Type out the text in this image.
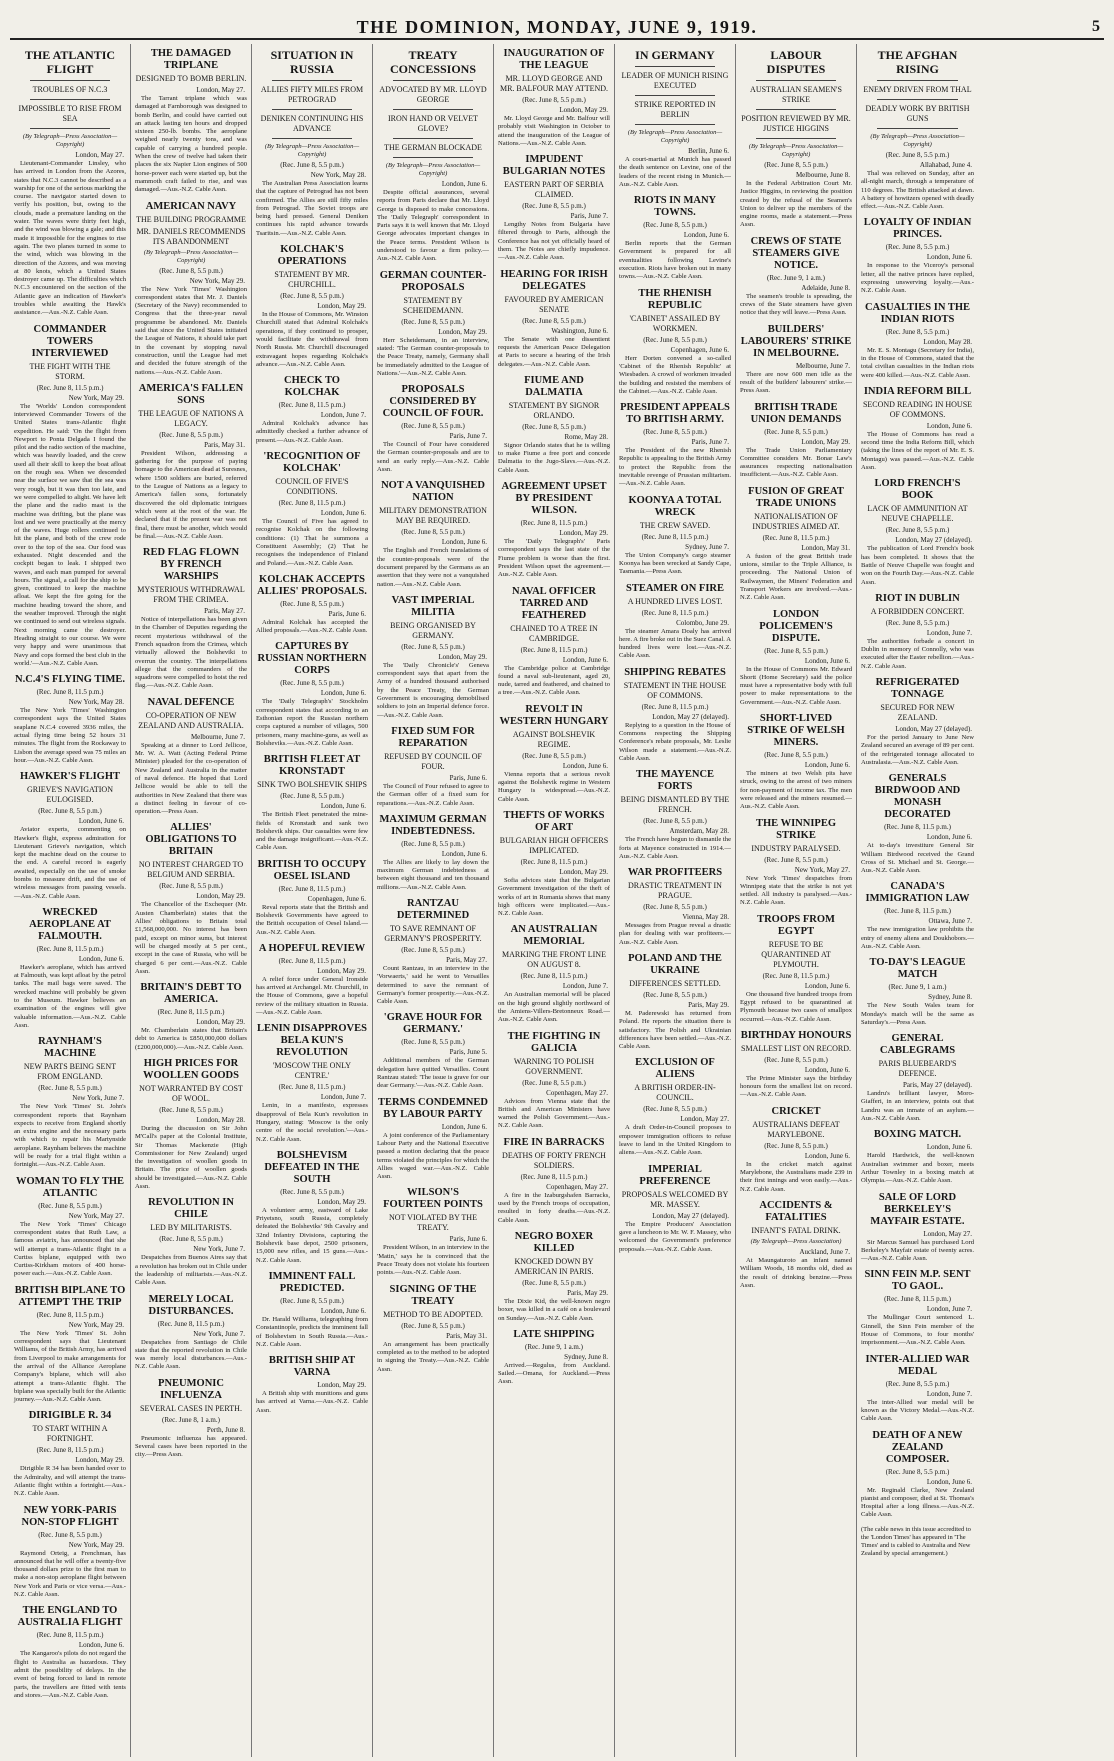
THE DOMINION, MONDAY, JUNE 9, 1919.	5
THE ATLANTIC FLIGHT
TROUBLES OF N.C.3
IMPOSSIBLE TO RISE FROM SEA
(By Telegraph—Press Association—Copyright)
London, May 27.

Lieutenant-Commander Linsley, who has arrived in London from the Azores, states that N.C.3 cannot be described as a warship for one of the serious marking the course. The navigator started down to verify his position, but, owing to the clouds, made a premature landing on the water. The waves were thirty feet high, and the wind was blowing a gale; and this made it impossible for the engines to rise again. The two planes turned in some to the wind, which was blowing in the direction of the Azores, and was moving at 80 knots, which a United States destroyer came up. The difficulties which N.C.3 encountered on the section of the Atlantic gave an indication of Hawker's troubles while awaiting the Hawk's assistance.—Aus.-N.Z. Cable Assn.

COMMANDER TOWERS INTERVIEWED
THE FIGHT WITH THE STORM.
(Rec. June 8, 11.5 p.m.)
New York, May 29.

The 'Worlds' London correspondent interviewed Commander Towers of the United States trans-Atlantic flight expedition. He said: 'On the flight from Newport to Ponta Delgada I found the pilot and the radio section of the machine, which was heavily loaded, and the crew used all their skill to keep the boat afloat on the rough sea. When we descended near the surface we saw that the sea was very rough, but it was then too late, and we were compelled to alight. We have left the plane and the radio mast is the machine was drifting, but the plane was lost and we were practically at the mercy of the waves. Huge rollers continued to hit the plane, and both of the crew rode over to the top of the sea. Our food was exhausted. Night descended and the cockpit began to leak. I shipped two waves, and each man pumped for several hours. The signal, a call for the ship to be given, continued to keep the machine afloat. We kept the fire going for the machine heading toward the shore, and the weather improved. Through the night we continued to send out wireless signals. Next morning came the destroyer. Heading straight to our course. We were very happy and were unanimous that Navy and cops formed the best club in the world.'—Aus.-N.Z. Cable Assn.

N.C.4'S FLYING TIME.
(Rec. June 8, 11.5 p.m.)
New York, May 28.

The New York 'Times' Washington correspondent says the United States seaplane N.C.4 covered 3936 miles, the actual flying time being 52 hours 31 minutes. The flight from the Rockaway to Lisbon the average speed was 75 miles an hour.—Aus.-N.Z. Cable Assn.

HAWKER'S FLIGHT
GRIEVE'S NAVIGATION EULOGISED.
(Rec. June 8, 5.5 p.m.)
London, June 6.

Aviator experts, commenting on Hawker's flight, express admiration for Lieutenant Grieve's navigation, which kept the machine dead on the course to the end. A careful record is eagerly awaited, especially on the use of smoke bombs to measure drift, and the use of wireless messages from passing vessels.—Aus.-N.Z. Cable Assn.

WRECKED AEROPLANE AT FALMOUTH.
(Rec. June 8, 11.5 p.m.)
London, June 6.

Hawker's aeroplane, which has arrived at Falmouth, was kept afloat by the petrol tanks. The mail bags were saved. The wrecked machine will probably be given to the Museum. Hawker believes an examination of the engines will give valuable information.—Aus.-N.Z. Cable Assn.

RAYNHAM'S MACHINE
NEW PARTS BEING SENT FROM ENGLAND.
(Rec. June 8, 5.5 p.m.)
New York, June 7.

The New York 'Times' St. John's correspondent reports that Raynham expects to receive from England shortly an extra engine and the necessary parts with which to repair his Martynside aeroplane. Raynham believes the machine will be ready for a trial flight within a fortnight.—Aus.-N.Z. Cable Assn.

WOMAN TO FLY THE ATLANTIC
(Rec. June 8, 5.5 p.m.)
New York, May 27.

The New York 'Times' Chicago correspondent states that Ruth Law, a famous aviatrix, has announced that she will attempt a trans-Atlantic flight in a Curtiss biplane, equipped with two Curtiss-Kirkham motors of 400 horse-power each.—Aus.-N.Z. Cable Assn.

BRITISH BIPLANE TO ATTEMPT THE TRIP
(Rec. June 8, 11.5 p.m.)
New York, May 29.

The New York 'Times' St. John correspondent says that Lieutenant Williams, of the British Army, has arrived from Liverpool to make arrangements for the arrival of the Alliance Aeroplane Company's biplane, which will also attempt a trans-Atlantic flight. The biplane was specially built for the Atlantic journey.—Aus.-N.Z. Cable Assn.

DIRIGIBLE R. 34
TO START WITHIN A FORTNIGHT.
(Rec. June 8, 11.5 p.m.)
London, May 29.

Dirigible R 34 has been handed over to the Admiralty, and will attempt the trans-Atlantic flight within a fortnight.—Aus.-N.Z. Cable Assn.

NEW YORK-PARIS NON-STOP FLIGHT
(Rec. June 8, 5.5 p.m.)
New York, May 29.

Raymond Orteig, a Frenchman, has announced that he will offer a twenty-five thousand dollars prize to the first man to make a non-stop aeroplane flight between New York and Paris or vice versa.—Aus.-N.Z. Cable Assn.

THE ENGLAND TO AUSTRALIA FLIGHT
(Rec. June 8, 11.5 p.m.)
London, June 6.

The Kangaroo's pilots do not regard the flight to Australia as hazardous. They admit the possibility of delays. In the event of being forced to land in remote parts, the travellers are fitted with tents and stores.—Aus.-N.Z. Cable Assn.

THE DAMAGED TRIPLANE
DESIGNED TO BOMB BERLIN.
London, May 27.

The Tarrant triplane which was damaged at Farnborough was designed to bomb Berlin, and could have carried out an attack lasting ten hours and dropped sixteen 250-lb. bombs. The aeroplane weighed nearly twenty tons, and was capable of carrying a hundred people. When the crew of twelve had taken their places the six Napier Lion engines of 500 horse-power each were started up, but the mammoth craft failed to rise, and was damaged.—Aus.-N.Z. Cable Assn.

AMERICAN NAVY
THE BUILDING PROGRAMME
MR. DANIELS RECOMMENDS ITS ABANDONMENT
(By Telegraph—Press Association—Copyright)
(Rec. June 8, 5.5 p.m.)
New York, May 29.

The New York 'Times' Washington correspondent states that Mr. J. Daniels (Secretary of the Navy) recommended to Congress that the three-year naval programme be abandoned. Mr. Daniels said that since the United States initiated the League of Nations, it should take part in the covenant by stopping naval construction, until the League had met and decided the future strength of the nations.—Aus.-N.Z. Cable Assn.

AMERICA'S FALLEN SONS
THE LEAGUE OF NATIONS A LEGACY.
(Rec. June 8, 5.5 p.m.)
Paris, May 31.

President Wilson, addressing a gathering for the purpose of paying homage to the American dead at Suresnes, where 1500 soldiers are buried, referred to the League of Nations as a legacy to America's fallen sons, fortunately discovered the old diplomatic intrigues which were at the root of the war. He declared that if the present war was not final, there must be another, which would be final.—Aus.-N.Z. Cable Assn.

RED FLAG FLOWN BY FRENCH WARSHIPS
MYSTERIOUS WITHDRAWAL FROM THE CRIMEA.
Paris, May 27.

Notice of interpellations has been given in the Chamber of Deputies regarding the recent mysterious withdrawal of the French squadron from the Crimea, which virtually allowed the Bolsheviki to overrun the country. The interpellations allege that the commanders of the squadrons were compelled to hoist the red flag.—Aus.-N.Z. Cable Assn.

NAVAL DEFENCE
CO-OPERATION OF NEW ZEALAND AND AUSTRALIA.
Melbourne, June 7.

Speaking at a dinner to Lord Jellicoe, Mr. W. A. Watt (Acting Federal Prime Minister) pleaded for the co-operation of New Zealand and Australia in the matter of naval defence. He hoped that Lord Jellicoe would be able to tell the authorities in New Zealand that there was a distinct feeling in favour of co-operation.—Press Assn.

ALLIES' OBLIGATIONS TO BRITAIN
NO INTEREST CHARGED TO BELGIUM AND SERBIA.
(Rec. June 8, 5.5 p.m.)
London, May 29.

The Chancellor of the Exchequer (Mr. Austen Chamberlain) states that the Allies' obligations to Britain total £1,568,000,000. No interest has been paid, except on minor sums, but interest will be charged mostly at 5 per cent., except in the case of Russia, who will be charged 6 per cent.—Aus.-N.Z. Cable Assn.

BRITAIN'S DEBT TO AMERICA.
(Rec. June 8, 11.5 p.m.)
London, May 29.

Mr. Chamberlain states that Britain's debt to America is £850,000,000 dollars (£200,000,000).—Aus.-N.Z. Cable Assn.

HIGH PRICES FOR WOOLLEN GOODS
NOT WARRANTED BY COST OF WOOL.
(Rec. June 8, 5.5 p.m.)
London, May 28.

During the discussion on Sir John M'Call's paper at the Colonial Institute, Sir Thomas Mackenzie (High Commissioner for New Zealand) urged the investigation of woollen goods in Britain. The price of woollen goods should be investigated.—Aus.-N.Z. Cable Assn.

REVOLUTION IN CHILE
LED BY MILITARISTS.
(Rec. June 8, 5.5 p.m.)
New York, June 7.

Despatches from Buenos Aires say that a revolution has broken out in Chile under the leadership of militarists.—Aus.-N.Z. Cable Assn.

MERELY LOCAL DISTURBANCES.
(Rec. June 8, 11.5 p.m.)
New York, June 7.

Despatches from Santiago de Chile state that the reported revolution in Chile was merely local disturbances.—Aus.-N.Z. Cable Assn.

PNEUMONIC INFLUENZA
SEVERAL CASES IN PERTH.
(Rec. June 8, 1 a.m.)
Perth, June 8.

Pneumonic influenza has appeared. Several cases have been reported in the city.—Press Assn.

SITUATION IN RUSSIA
ALLIES FIFTY MILES FROM PETROGRAD
DENIKEN CONTINUING HIS ADVANCE
(By Telegraph—Press Association—Copyright)
(Rec. June 8, 5.5 p.m.)
New York, May 28.

The Australian Press Association learns that the capture of Petrograd has not been confirmed. The Allies are still fifty miles from Petrograd. The Soviet troops are being hard pressed. General Deniken continues his rapid advance towards Tsaritsin.—Aus.-N.Z. Cable Assn.

KOLCHAK'S OPERATIONS
STATEMENT BY MR. CHURCHILL.
(Rec. June 8, 5.5 p.m.)
London, May 29.

In the House of Commons, Mr. Winston Churchill stated that Admiral Kolchak's operations, if they continued to prosper, would facilitate the withdrawal from North Russia. Mr. Churchill discouraged extravagant hopes regarding Kolchak's advance.—Aus.-N.Z. Cable Assn.

CHECK TO KOLCHAK
(Rec. June 8, 11.5 p.m.)
London, June 7.

Admiral Kolchak's advance has admittedly checked a further advance of present.—Aus.-N.Z. Cable Assn.

'RECOGNITION OF KOLCHAK'
COUNCIL OF FIVE'S CONDITIONS.
(Rec. June 8, 11.5 p.m.)
London, June 6.

The Council of Five has agreed to recognise Kolchak on the following conditions: (1) That he summons a Constituent Assembly; (2) That he recognises the independence of Finland and Poland.—Aus.-N.Z. Cable Assn.

KOLCHAK ACCEPTS ALLIES' PROPOSALS.
(Rec. June 8, 5.5 p.m.)
Paris, June 6.

Admiral Kolchak has accepted the Allied proposals.—Aus.-N.Z. Cable Assn.

CAPTURES BY RUSSIAN NORTHERN CORPS
(Rec. June 8, 5.5 p.m.)
London, June 6.

The 'Daily Telegraph's' Stockholm correspondent states that according to an Esthonian report the Russian northern corps captured a number of villages, 500 prisoners, many machine-guns, as well as Bolsheviks.—Aus.-N.Z. Cable Assn.

BRITISH FLEET AT KRONSTADT
SINK TWO BOLSHEVIK SHIPS
(Rec. June 8, 5.5 p.m.)
London, June 6.

The British Fleet penetrated the mine-fields of Kronstadt and sank two Bolshevik ships. Our casualties were few and the damage insignificant.—Aus.-N.Z. Cable Assn.

BRITISH TO OCCUPY OESEL ISLAND
(Rec. June 8, 11.5 p.m.)
Copenhagen, June 6.

Reval reports state that the British and Bolshevik Governments have agreed to the British occupation of Oesel Island.—Aus.-N.Z. Cable Assn.

A HOPEFUL REVIEW
(Rec. June 8, 11.5 p.m.)
London, May 29.

A relief force under General Ironside has arrived at Archangel. Mr. Churchill, in the House of Commons, gave a hopeful review of the military situation in Russia.—Aus.-N.Z. Cable Assn.

LENIN DISAPPROVES BELA KUN'S REVOLUTION
'MOSCOW THE ONLY CENTRE.'
(Rec. June 8, 11.5 p.m.)
London, June 7.

Lenin, in a manifesto, expresses disapproval of Bela Kun's revolution in Hungary, stating: 'Moscow is the only centre of the social revolution.'—Aus.-N.Z. Cable Assn.

BOLSHEVISM DEFEATED IN THE SOUTH
(Rec. June 8, 5.5 p.m.)
London, May 29.

A volunteer army, eastward of Lake Priyetsno, south Russia, completely defeated the Bolsheviks' 9th Cavalry and 32nd Infantry Divisions, capturing the Bolshevik base depot, 2500 prisoners, 15,000 new rifles, and 15 guns.—Aus.-N.Z. Cable Assn.

IMMINENT FALL PREDICTED.
(Rec. June 8, 5.5 p.m.)
London, June 6.

Dr. Harald Williams, telegraphing from Constantinople, predicts the imminent fall of Bolshevism in South Russia.—Aus.-N.Z. Cable Assn.

BRITISH SHIP AT VARNA
London, May 29.

A British ship with munitions and guns has arrived at Varna.—Aus.-N.Z. Cable Assn.

TREATY CONCESSIONS
ADVOCATED BY MR. LLOYD GEORGE
IRON HAND OR VELVET GLOVE?
THE GERMAN BLOCKADE
(By Telegraph—Press Association—Copyright)
London, June 6.

Despite official assurances, several reports from Paris declare that Mr. Lloyd George is disposed to make concessions. The 'Daily Telegraph' correspondent in Paris says it is well known that Mr. Lloyd George advocates important changes in the Peace terms. President Wilson is understood to favour a firm policy.—Aus.-N.Z. Cable Assn.

GERMAN COUNTER-PROPOSALS
STATEMENT BY SCHEIDEMANN.
(Rec. June 8, 5.5 p.m.)
London, May 29.

Herr Scheidemann, in an interview, stated: 'The German counter-proposals to the Peace Treaty, namely, Germany shall be immediately admitted to the League of Nations.'—Aus.-N.Z. Cable Assn.

PROPOSALS CONSIDERED BY COUNCIL OF FOUR.
(Rec. June 8, 5.5 p.m.)
Paris, June 7.

The Council of Four have considered the German counter-proposals and are to send an early reply.—Aus.-N.Z. Cable Assn.

NOT A VANQUISHED NATION
MILITARY DEMONSTRATION MAY BE REQUIRED.
(Rec. June 8, 5.5 p.m.)
London, June 6.

The English and French translations of the counter-proposals were of the document prepared by the Germans as an assertion that they were not a vanquished nation.—Aus.-N.Z. Cable Assn.

VAST IMPERIAL MILITIA
BEING ORGANISED BY GERMANY.
(Rec. June 8, 5.5 p.m.)
London, May 29.

The 'Daily Chronicle's' Geneva correspondent says that apart from the Army of a hundred thousand authorised by the Peace Treaty, the German Government is encouraging demobilised soldiers to join an Imperial defence force.—Aus.-N.Z. Cable Assn.

FIXED SUM FOR REPARATION
REFUSED BY COUNCIL OF FOUR.
Paris, June 6.

The Council of Four refused to agree to the German offer of a fixed sum for reparations.—Aus.-N.Z. Cable Assn.

MAXIMUM GERMAN INDEBTEDNESS.
(Rec. June 8, 5.5 p.m.)
London, June 6.

The Allies are likely to lay down the maximum German indebtedness at between eight thousand and ten thousand millions.—Aus.-N.Z. Cable Assn.

RANTZAU DETERMINED
TO SAVE REMNANT OF GERMANY'S PROSPERITY.
(Rec. June 8, 5.5 p.m.)
Paris, May 27.

Count Rantzau, in an interview in the 'Vorwaerts,' said he went to Versailles determined to save the remnant of Germany's former prosperity.—Aus.-N.Z. Cable Assn.

'GRAVE HOUR FOR GERMANY.'
(Rec. June 8, 5.5 p.m.)
Paris, June 5.

Additional members of the German delegation have quitted Versailles. Count Rantzau stated: 'The issue is grave for our dear Germany.'—Aus.-N.Z. Cable Assn.

TERMS CONDEMNED BY LABOUR PARTY
London, June 6.

A joint conference of the Parliamentary Labour Party and the National Executive passed a motion declaring that the peace terms violated the principles for which the Allies waged war.—Aus.-N.Z. Cable Assn.

WILSON'S FOURTEEN POINTS
NOT VIOLATED BY THE TREATY.
Paris, June 6.

President Wilson, in an interview in the 'Matin,' says he is convinced that the Peace Treaty does not violate his fourteen points.—Aus.-N.Z. Cable Assn.

SIGNING OF THE TREATY
METHOD TO BE ADOPTED.
(Rec. June 8, 5.5 p.m.)
Paris, May 31.

An arrangement has been practically completed as to the method to be adopted in signing the Treaty.—Aus.-N.Z. Cable Assn.

INAUGURATION OF THE LEAGUE
MR. LLOYD GEORGE AND MR. BALFOUR MAY ATTEND.
(Rec. June 8, 5.5 p.m.)
London, May 29.

Mr. Lloyd George and Mr. Balfour will probably visit Washington in October to attend the inauguration of the League of Nations.—Aus.-N.Z. Cable Assn.

IMPUDENT BULGARIAN NOTES
EASTERN PART OF SERBIA CLAIMED.
(Rec. June 8, 5.5 p.m.)
Paris, June 7.

Lengthy Notes from Bulgaria have filtered through to Paris, although the Conference has not yet officially heard of them. The Notes are chiefly impudence.—Aus.-N.Z. Cable Assn.

HEARING FOR IRISH DELEGATES
FAVOURED BY AMERICAN SENATE
(Rec. June 8, 5.5 p.m.)
Washington, June 6.

The Senate with one dissentient requests the American Peace Delegation at Paris to secure a hearing of the Irish delegates.—Aus.-N.Z. Cable Assn.

FIUME AND DALMATIA
STATEMENT BY SIGNOR ORLANDO.
(Rec. June 8, 5.5 p.m.)
Rome, May 28.

Signor Orlando states that he is willing to make Fiume a free port and concede Dalmatia to the Jugo-Slavs.—Aus.-N.Z. Cable Assn.

AGREEMENT UPSET BY PRESIDENT WILSON.
(Rec. June 8, 11.5 p.m.)
London, May 29.

The 'Daily Telegraph's' Paris correspondent says the last state of the Fiume problem is worse than the first. President Wilson upset the agreement.—Aus.-N.Z. Cable Assn.

NAVAL OFFICER TARRED AND FEATHERED
CHAINED TO A TREE IN CAMBRIDGE.
(Rec. June 8, 11.5 p.m.)
London, June 6.

The Cambridge police at Cambridge found a naval sub-lieutenant, aged 20, nude, tarred and feathered, and chained to a tree.—Aus.-N.Z. Cable Assn.

REVOLT IN WESTERN HUNGARY
AGAINST BOLSHEVIK REGIME.
(Rec. June 8, 5.5 p.m.)
London, June 6.

Vienna reports that a serious revolt against the Bolshevik regime in Western Hungary is widespread.—Aus.-N.Z. Cable Assn.

THEFTS OF WORKS OF ART
BULGARIAN HIGH OFFICERS IMPLICATED.
(Rec. June 8, 11.5 p.m.)
London, May 29.

Sofia advices state that the Bulgarian Government investigation of the theft of works of art in Rumania shows that many high officers were implicated.—Aus.-N.Z. Cable Assn.

AN AUSTRALIAN MEMORIAL
MARKING THE FRONT LINE ON AUGUST 8.
(Rec. June 8, 11.5 p.m.)
London, June 7.

An Australian memorial will be placed on the high ground slightly northward of the Amiens-Villers-Bretonneux Road.—Aus.-N.Z. Cable Assn.

THE FIGHTING IN GALICIA
WARNING TO POLISH GOVERNMENT.
(Rec. June 8, 5.5 p.m.)
Copenhagen, May 27.

Advices from Vienna state that the British and American Ministers have warned the Polish Government.—Aus.-N.Z. Cable Assn.

FIRE IN BARRACKS
DEATHS OF FORTY FRENCH SOLDIERS.
(Rec. June 8, 11.5 p.m.)
Copenhagen, May 27.

A fire in the Izaburgshafen Barracks, used by the French troops of occupation, resulted in forty deaths.—Aus.-N.Z. Cable Assn.

NEGRO BOXER KILLED
KNOCKED DOWN BY AMERICAN IN PARIS.
(Rec. June 8, 5.5 p.m.)
Paris, May 29.

The Dixie Kid, the well-known negro boxer, was killed in a café on a boulevard on Sunday.—Aus.-N.Z. Cable Assn.

LATE SHIPPING
(Rec. June 9, 1 a.m.)
Sydney, June 8.

Arrived.—Regulus, from Auckland. Sailed.—Omana, for Auckland.—Press Assn.

IN GERMANY
LEADER OF MUNICH RISING EXECUTED
STRIKE REPORTED IN BERLIN
(By Telegraph—Press Association—Copyright)
Berlin, June 6.

A court-martial at Munich has passed the death sentence on Levine, one of the leaders of the recent rising in Munich.—Aus.-N.Z. Cable Assn.

RIOTS IN MANY TOWNS.
(Rec. June 8, 5.5 p.m.)
London, June 6.

Berlin reports that the German Government is prepared for all eventualities following Levine's execution. Riots have broken out in many towns.—Aus.-N.Z. Cable Assn.

THE RHENISH REPUBLIC
'CABINET' ASSAILED BY WORKMEN.
(Rec. June 8, 5.5 p.m.)
Copenhagen, June 6.

Herr Dorten convened a so-called 'Cabinet of the Rhenish Republic' at Wiesbaden. A crowd of workmen invaded the building and resisted the members of the Cabinet.—Aus.-N.Z. Cable Assn.

PRESIDENT APPEALS TO BRITISH ARMY.
(Rec. June 8, 5.5 p.m.)
Paris, June 7.

The President of the new Rhenish Republic is appealing to the British Army to protect the Republic from the inevitable revenge of Prussian militarism.—Aus.-N.Z. Cable Assn.

KOONYA A TOTAL WRECK
THE CREW SAVED.
(Rec. June 8, 11.5 p.m.)
Sydney, June 7.

The Union Company's cargo steamer Koonya has been wrecked at Sandy Cape, Tasmania.—Press Assn.

STEAMER ON FIRE
A HUNDRED LIVES LOST.
(Rec. June 8, 11.5 p.m.)
Colombo, June 29.

The steamer Amara Doaly has arrived here. A fire broke out in the Suez Canal. A hundred lives were lost.—Aus.-N.Z. Cable Assn.

SHIPPING REBATES
STATEMENT IN THE HOUSE OF COMMONS.
(Rec. June 8, 11.5 p.m.)
London, May 27 (delayed).

Replying to a question in the House of Commons respecting the Shipping Conference's rebate proposals, Mr. Leslie Wilson made a statement.—Aus.-N.Z. Cable Assn.

THE MAYENCE FORTS
BEING DISMANTLED BY THE FRENCH.
(Rec. June 8, 5.5 p.m.)
Amsterdam, May 28.

The French have begun to dismantle the forts at Mayence constructed in 1914.—Aus.-N.Z. Cable Assn.

WAR PROFITEERS
DRASTIC TREATMENT IN PRAGUE.
(Rec. June 8, 5.5 p.m.)
Vienna, May 28.

Messages from Prague reveal a drastic plan for dealing with war profiteers.—Aus.-N.Z. Cable Assn.

POLAND AND THE UKRAINE
DIFFERENCES SETTLED.
(Rec. June 8, 5.5 p.m.)
Paris, May 29.

M. Paderewski has returned from Poland. He reports the situation there is satisfactory. The Polish and Ukrainian differences have been settled.—Aus.-N.Z. Cable Assn.

EXCLUSION OF ALIENS
A BRITISH ORDER-IN-COUNCIL.
(Rec. June 8, 5.5 p.m.)
London, May 27.

A draft Order-in-Council proposes to empower immigration officers to refuse leave to land in the United Kingdom to aliens.—Aus.-N.Z. Cable Assn.

IMPERIAL PREFERENCE
PROPOSALS WELCOMED BY MR. MASSEY.
London, May 27 (delayed).

The Empire Producers' Association gave a luncheon to Mr. W. F. Massey, who welcomed the Government's preference proposals.—Aus.-N.Z. Cable Assn.

LABOUR DISPUTES
AUSTRALIAN SEAMEN'S STRIKE
POSITION REVIEWED BY MR. JUSTICE HIGGINS
(By Telegraph—Press Association—Copyright)
(Rec. June 8, 5.5 p.m.)
Melbourne, June 8.

In the Federal Arbitration Court Mr. Justice Higgins, in reviewing the position created by the refusal of the Seamen's Union to deliver up the members of the engine rooms, made a statement.—Press Assn.

CREWS OF STATE STEAMERS GIVE NOTICE.
(Rec. June 9, 1 a.m.)
Adelaide, June 8.

The seamen's trouble is spreading, the crews of the State steamers have given notice that they will leave.—Press Assn.

BUILDERS' LABOURERS' STRIKE IN MELBOURNE.
Melbourne, June 7.

There are now 600 men idle as the result of the builders' labourers' strike.—Press Assn.

BRITISH TRADE UNION DEMANDS
(Rec. June 8, 5.5 p.m.)
London, May 29.

The Trade Union Parliamentary Committee considers Mr. Bonar Law's assurances respecting nationalisation insufficient.—Aus.-N.Z. Cable Assn.

FUSION OF GREAT TRADE UNIONS
NATIONALISATION OF INDUSTRIES AIMED AT.
(Rec. June 8, 11.5 p.m.)
London, May 31.

A fusion of the great British trade unions, similar to the Triple Alliance, is proceeding. The National Union of Railwaymen, the Miners' Federation and Transport Workers are involved.—Aus.-N.Z. Cable Assn.

LONDON POLICEMEN'S DISPUTE.
(Rec. June 8, 5.5 p.m.)
London, June 6.

In the House of Commons Mr. Edward Shortt (Home Secretary) said the police must have a representative body with full power to make representations to the Government.—Aus.-N.Z. Cable Assn.

SHORT-LIVED STRIKE OF WELSH MINERS.
(Rec. June 8, 5.5 p.m.)
London, June 6.

The miners at two Welsh pits have struck, owing to the arrest of two miners for non-payment of income tax. The men were released and the miners resumed.—Aus.-N.Z. Cable Assn.

THE WINNIPEG STRIKE
INDUSTRY PARALYSED.
(Rec. June 8, 5.5 p.m.)
New York, May 27.

New York 'Times' despatches from Winnipeg state that the strike is not yet settled. All industry is paralysed.—Aus.-N.Z. Cable Assn.

TROOPS FROM EGYPT
REFUSE TO BE QUARANTINED AT PLYMOUTH.
(Rec. June 8, 11.5 p.m.)
London, June 6.

One thousand five hundred troops from Egypt refused to be quarantined at Plymouth because two cases of smallpox occurred.—Aus.-N.Z. Cable Assn.

BIRTHDAY HONOURS
SMALLEST LIST ON RECORD.
(Rec. June 8, 5.5 p.m.)
London, June 6.

The Prime Minister says the birthday honours form the smallest list on record.—Aus.-N.Z. Cable Assn.

CRICKET
AUSTRALIANS DEFEAT MARYLEBONE.
(Rec. June 8, 5.5 p.m.)
London, June 6.

In the cricket match against Marylebone, the Australians made 239 in their first innings and won easily.—Aus.-N.Z. Cable Assn.

ACCIDENTS & FATALITIES
INFANT'S FATAL DRINK.
(By Telegraph—Press Association)
Auckland, June 7.

At Maungaturoto an infant named William Woods, 18 months old, died as the result of drinking benzine.—Press Assn.

THE AFGHAN RISING
ENEMY DRIVEN FROM THAL
DEADLY WORK BY BRITISH GUNS
(By Telegraph—Press Association—Copyright)
(Rec. June 8, 5.5 p.m.)
Allahabad, June 4.

Thal was relieved on Sunday, after an all-night march, through a temperature of 110 degrees. The British attacked at dawn. A battery of howitzers opened with deadly effect.—Aus.-N.Z. Cable Assn.

LOYALTY OF INDIAN PRINCES.
(Rec. June 8, 5.5 p.m.)
London, June 6.

In response to the Viceroy's personal letter, all the native princes have replied, expressing unswerving loyalty.—Aus.-N.Z. Cable Assn.

CASUALTIES IN THE INDIAN RIOTS
(Rec. June 8, 5.5 p.m.)
London, May 28.

Mr. E. S. Montagu (Secretary for India), in the House of Commons, stated that the total civilian casualties in the Indian riots were 400 killed.—Aus.-N.Z. Cable Assn.

INDIA REFORM BILL
SECOND READING IN HOUSE OF COMMONS.
London, June 6.

The House of Commons has read a second time the India Reform Bill, which (taking the lines of the report of Mr. E. S. Montagu) was passed.—Aus.-N.Z. Cable Assn.

LORD FRENCH'S BOOK
LACK OF AMMUNITION AT NEUVE CHAPELLE.
(Rec. June 8, 5.5 p.m.)
London, May 27 (delayed).

The publication of Lord French's book has been completed. It shows that the Battle of Neuve Chapelle was fought and won on the Fourth Day.—Aus.-N.Z. Cable Assn.

RIOT IN DUBLIN
A FORBIDDEN CONCERT.
(Rec. June 8, 5.5 p.m.)
London, June 7.

The authorities forbade a concert in Dublin in memory of Connolly, who was executed after the Easter rebellion.—Aus.-N.Z. Cable Assn.

REFRIGERATED TONNAGE
SECURED FOR NEW ZEALAND.
London, May 27 (delayed).

For the period January to June New Zealand secured an average of 89 per cent. of the refrigerated tonnage allocated to Australasia.—Aus.-N.Z. Cable Assn.

GENERALS BIRDWOOD AND MONASH DECORATED
(Rec. June 8, 11.5 p.m.)
London, June 6.

At to-day's investiture General Sir William Birdwood received the Grand Cross of St. Michael and St. George.—Aus.-N.Z. Cable Assn.

CANADA'S IMMIGRATION LAW
(Rec. June 8, 11.5 p.m.)
Ottawa, June 7.

The new immigration law prohibits the entry of enemy aliens and Doukhobors.—Aus.-N.Z. Cable Assn.

TO-DAY'S LEAGUE MATCH
(Rec. June 9, 1 a.m.)
Sydney, June 8.

The New South Wales team for Monday's match will be the same as Saturday's.—Press Assn.

GENERAL CABLEGRAMS
PARIS BLUEBEARD'S DEFENCE.
Paris, May 27 (delayed).

Landru's brilliant lawyer, Moro-Giafferi, in an interview, points out that Landru was an inmate of an asylum.—Aus.-N.Z. Cable Assn.

BOXING MATCH.
London, June 6.

Harold Hardwick, the well-known Australian swimmer and boxer, meets Arthur Townley in a boxing match at Olympia.—Aus.-N.Z. Cable Assn.

SALE OF LORD BERKELEY'S MAYFAIR ESTATE.
London, May 27.

Sir Marcus Samuel has purchased Lord Berkeley's Mayfair estate of twenty acres.—Aus.-N.Z. Cable Assn.

SINN FEIN M.P. SENT TO GAOL.
(Rec. June 8, 11.5 p.m.)
London, June 7.

The Mullingar Court sentenced L. Ginnell, the Sinn Fein member of the House of Commons, to four months' imprisonment.—Aus.-N.Z. Cable Assn.

INTER-ALLIED WAR MEDAL
(Rec. June 8, 5.5 p.m.)
London, June 7.

The inter-Allied war medal will be known as the Victory Medal.—Aus.-N.Z. Cable Assn.

DEATH OF A NEW ZEALAND COMPOSER.
(Rec. June 8, 5.5 p.m.)
London, June 6.

Mr. Reginald Clarke, New Zealand pianist and composer, died at St. Thomas's Hospital after a long illness.—Aus.-N.Z. Cable Assn.

(The cable news in this issue accredited to the 'London Times' has appeared in 'The Times' and is cabled to Australia and New Zealand by special arrangement.)
